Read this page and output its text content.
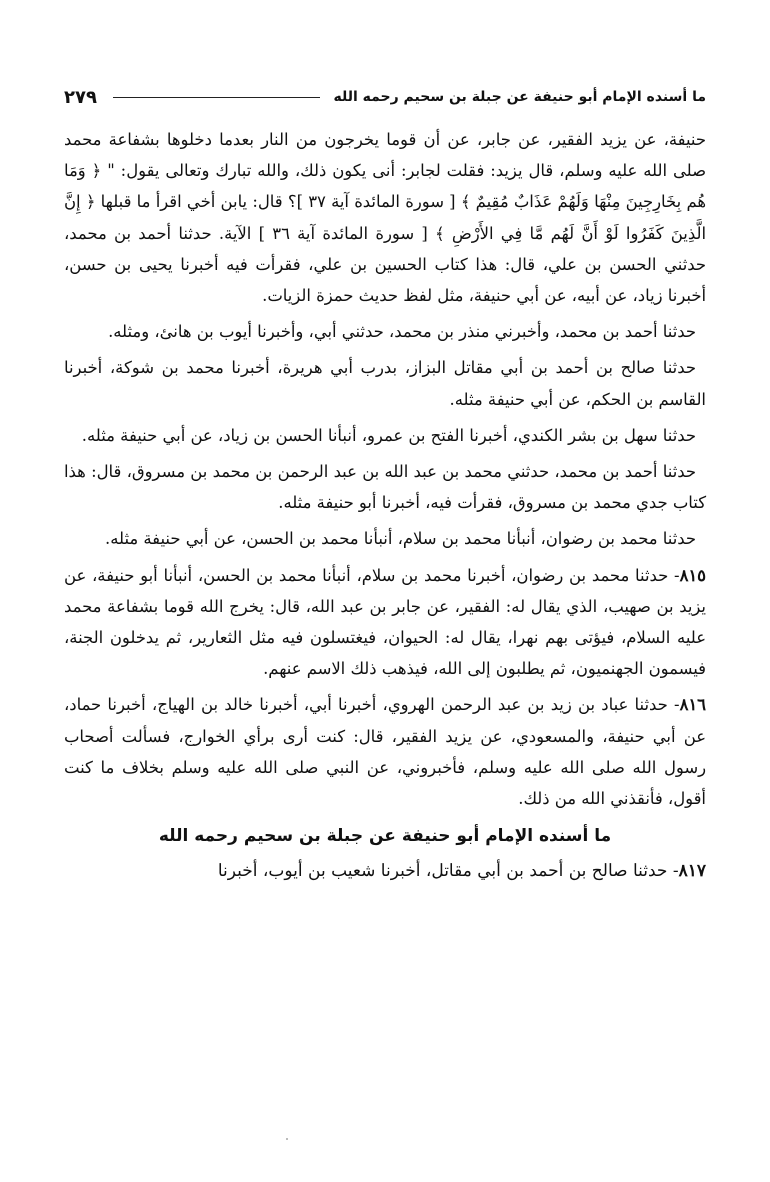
ما أسنده الإمام أبو حنيفة عن جبلة بن سحيم رحمه الله
٢٧٩

حنيفة، عن يزيد الفقير، عن جابر، عن أن قوما يخرجون من النار بعدما دخلوها بشفاعة محمد صلى الله عليه وسلم، قال يزيد: فقلت لجابر: أنى يكون ذلك، والله تبارك وتعالى يقول: " ﴿ وَمَا هُم بِخَارِجِينَ مِنْهَا وَلَهُمْ عَذَابٌ مُقِيمٌ ﴾ [ سورة المائدة آية ٣٧ ]؟ قال: يابن أخي اقرأ ما قبلها ﴿ إِنَّ الَّذِينَ كَفَرُوا لَوْ أَنَّ لَهُم مَّا فِي الأَرْضِ ﴾ [ سورة المائدة آية ٣٦ ] الآية. حدثنا أحمد بن محمد، حدثني الحسن بن علي، قال: هذا كتاب الحسين بن علي، فقرأت فيه أخبرنا يحيى بن حسن، أخبرنا زياد، عن أبيه، عن أبي حنيفة، مثل لفظ حديث حمزة الزيات.

حدثنا أحمد بن محمد، وأخبرني منذر بن محمد، حدثني أبي، وأخبرنا أيوب بن هانئ، ومثله.

حدثنا صالح بن أحمد بن أبي مقاتل البزاز، بدرب أبي هريرة، أخبرنا محمد بن شوكة، أخبرنا القاسم بن الحكم، عن أبي حنيفة مثله.

حدثنا سهل بن بشر الكندي، أخبرنا الفتح بن عمرو، أنبأنا الحسن بن زياد، عن أبي حنيفة مثله.

حدثنا أحمد بن محمد، حدثني محمد بن عبد الله بن عبد الرحمن بن محمد بن مسروق، قال: هذا كتاب جدي محمد بن مسروق، فقرأت فيه، أخبرنا أبو حنيفة مثله.

حدثنا محمد بن رضوان، أنبأنا محمد بن سلام، أنبأنا محمد بن الحسن، عن أبي حنيفة مثله.

٨١٥- حدثنا محمد بن رضوان، أخبرنا محمد بن سلام، أنبأنا محمد بن الحسن، أنبأنا أبو حنيفة، عن يزيد بن صهيب، الذي يقال له: الفقير، عن جابر بن عبد الله، قال: يخرج الله قوما بشفاعة محمد عليه السلام، فيؤتى بهم نهرا، يقال له: الحيوان، فيغتسلون فيه مثل الثعارير، ثم يدخلون الجنة، فيسمون الجهنميون، ثم يطلبون إلى الله، فيذهب ذلك الاسم عنهم.

٨١٦- حدثنا عباد بن زيد بن عبد الرحمن الهروي، أخبرنا أبي، أخبرنا خالد بن الهياج، أخبرنا حماد، عن أبي حنيفة، والمسعودي، عن يزيد الفقير، قال: كنت أرى برأي الخوارج، فسألت أصحاب رسول الله صلى الله عليه وسلم، فأخبروني، عن النبي صلى الله عليه وسلم بخلاف ما كنت أقول، فأنقذني الله من ذلك.

ما أسنده الإمام أبو حنيفة عن جبلة بن سحيم رحمه الله

٨١٧- حدثنا صالح بن أحمد بن أبي مقاتل، أخبرنا شعيب بن أيوب، أخبرنا
